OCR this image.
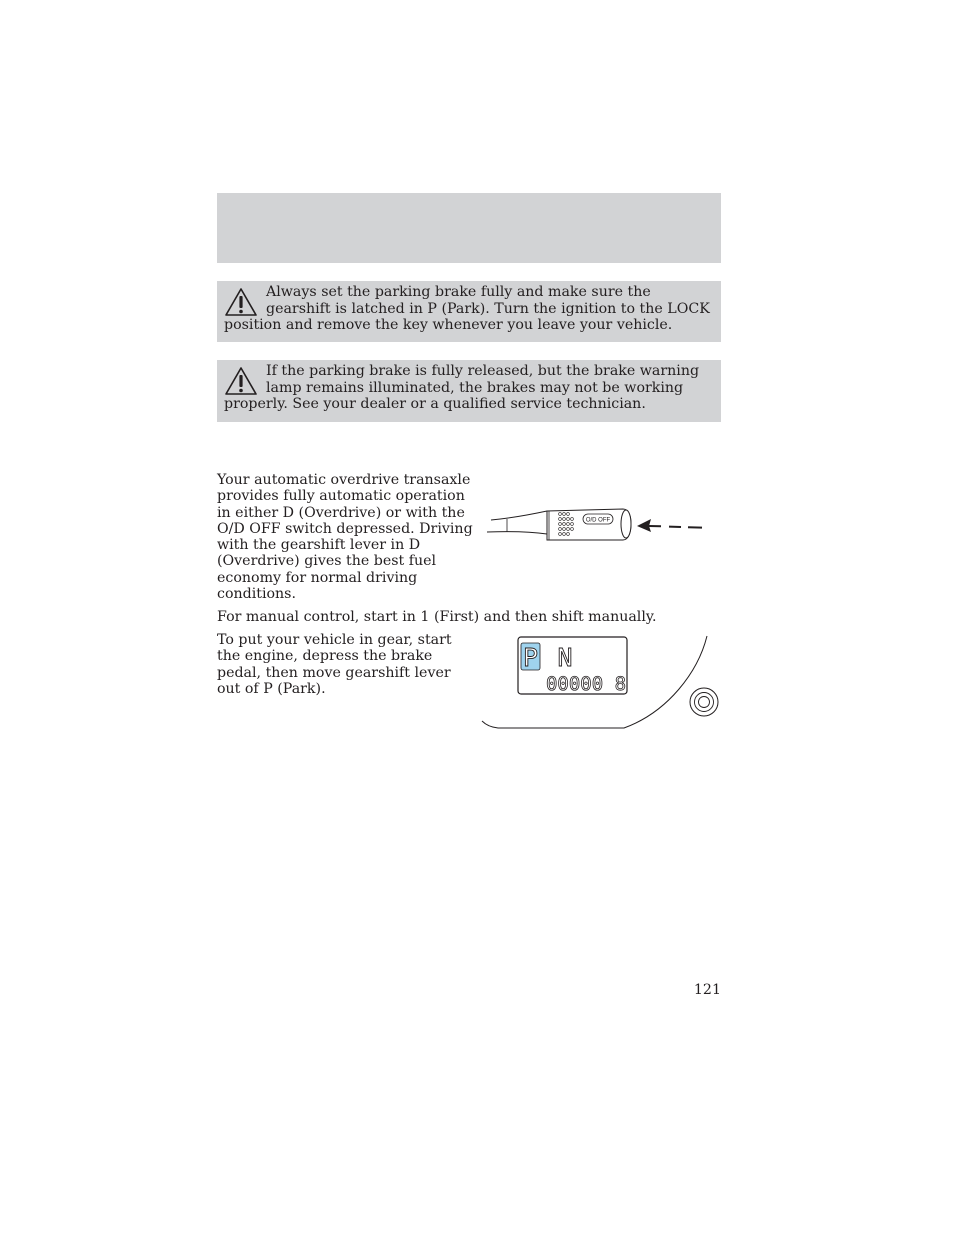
Always set the parking brake fully and make sure the gearshift is latched in P (Park). Turn the ignition to the LOCK position and remove the key whenever you leave your vehicle.
If the parking brake is fully released, but the brake warning lamp remains illuminated, the brakes may not be working properly. See your dealer or a qualified service technician.
Your automatic overdrive transaxle provides fully automatic operation in either D (Overdrive) or with the O/D OFF switch depressed. Driving with the gearshift lever in D (Overdrive) gives the best fuel economy for normal driving conditions.
O/D OFF
For manual control, start in 1 (First) and then shift manually.
To put your vehicle in gear, start the engine, depress the brake pedal, then move gearshift lever out of P (Park).
P N
00000 8
121
